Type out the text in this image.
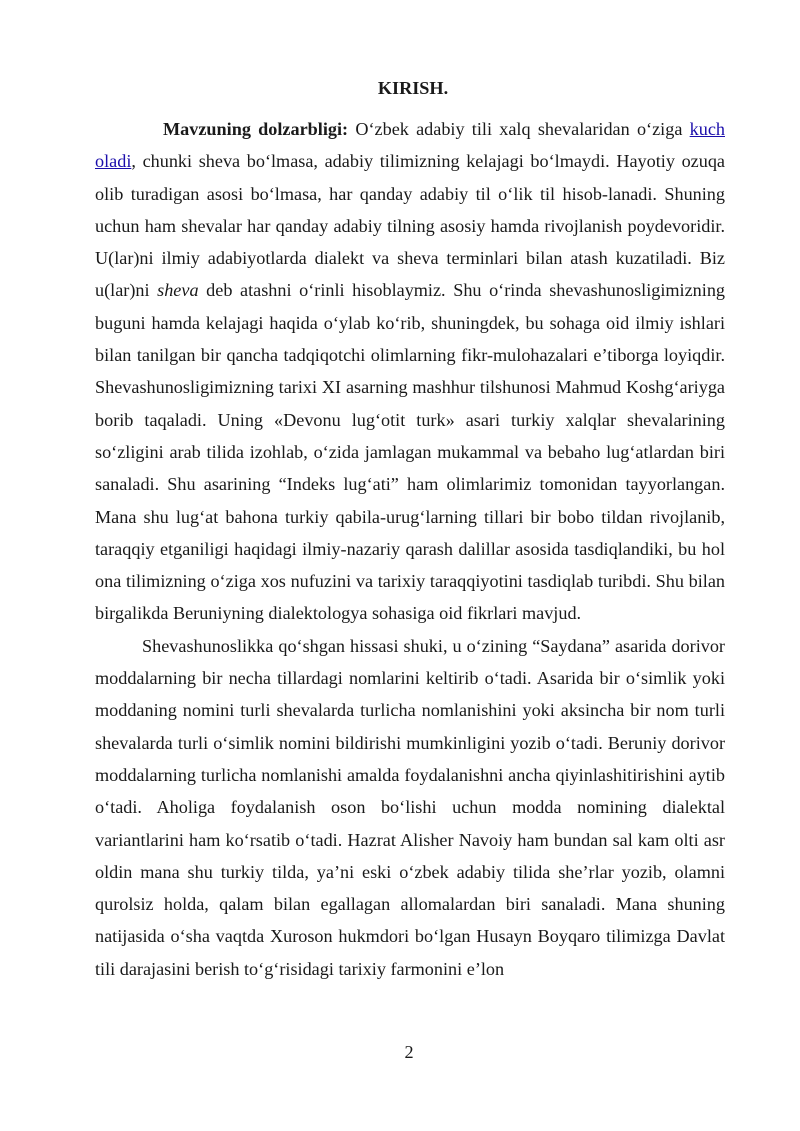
KIRISH.

Mavzuning dolzarbligi: O‘zbek adabiy tili xalq shevalaridan o‘ziga kuch oladi, chunki sheva bo‘lmasa, adabiy tilimizning kelajagi bo‘lmaydi. Hayotiy ozuqa olib turadigan asosi bo‘lmasa, har qanday adabiy til o‘lik til hisob-lanadi. Shuning uchun ham shevalar har qanday adabiy tilning asosiy hamda rivojlanish poydevoridir. U(lar)ni ilmiy adabiyotlarda dialekt va sheva terminlari bilan atash kuzatiladi. Biz u(lar)ni sheva deb atashni o‘rinli hisoblaymiz. Shu o‘rinda shevashunosligimizning buguni hamda kelajagi haqida o‘ylab ko‘rib, shuningdek, bu sohaga oid ilmiy ishlari bilan tanilgan bir qancha tadqiqotchi olimlarning fikr-mulohazalari e’tiborga loyiqdir. Shevashunosligimizning tarixi XI asarning mashhur tilshunosi Mahmud Koshg‘ariyga borib taqaladi. Uning «Devonu lug‘otit turk» asari turkiy xalqlar shevalarining so‘zligini arab tilida izohlab, o‘zida jamlagan mukammal va bebaho lug‘atlardan biri sanaladi. Shu asarining “Indeks lug‘ati” ham olimlarimiz tomonidan tayyorlangan. Mana shu lug‘at bahona turkiy qabila-urug‘larning tillari bir bobo tildan rivojlanib, taraqqiy etganiligi haqidagi ilmiy-nazariy qarash dalillar asosida tasdiqlandiki, bu hol ona tilimizning o‘ziga xos nufuzini va tarixiy taraqqiyotini tasdiqlab turibdi. Shu bilan birgalikda Beruniyning dialektologya sohasiga oid fikrlari mavjud.

Shevashunoslikka qo‘shgan hissasi shuki, u o‘zining “Saydana” asarida dorivor moddalarning bir necha tillardagi nomlarini keltirib o‘tadi. Asarida bir o‘simlik yoki moddaning nomini turli shevalarda turlicha nomlanishini yoki aksincha bir nom turli shevalarda turli o‘simlik nomini bildirishi mumkinligini yozib o‘tadi. Beruniy dorivor moddalarning turlicha nomlanishi amalda foydalanishni ancha qiyinlashitirishini aytib o‘tadi. Aholiga foydalanish oson bo‘lishi uchun modda nomining dialektal variantlarini ham ko‘rsatib o‘tadi. Hazrat Alisher Navoiy ham bundan sal kam olti asr oldin mana shu turkiy tilda, ya’ni eski o‘zbek adabiy tilida she’rlar yozib, olamni qurolsiz holda, qalam bilan egallagan allomalardan biri sanaladi. Mana shuning natijasida o‘sha vaqtda Xuroson hukmdori bo‘lgan Husayn Boyqaro tilimizga Davlat tili darajasini berish to‘g‘risidagi tarixiy farmonini e’lon

2
